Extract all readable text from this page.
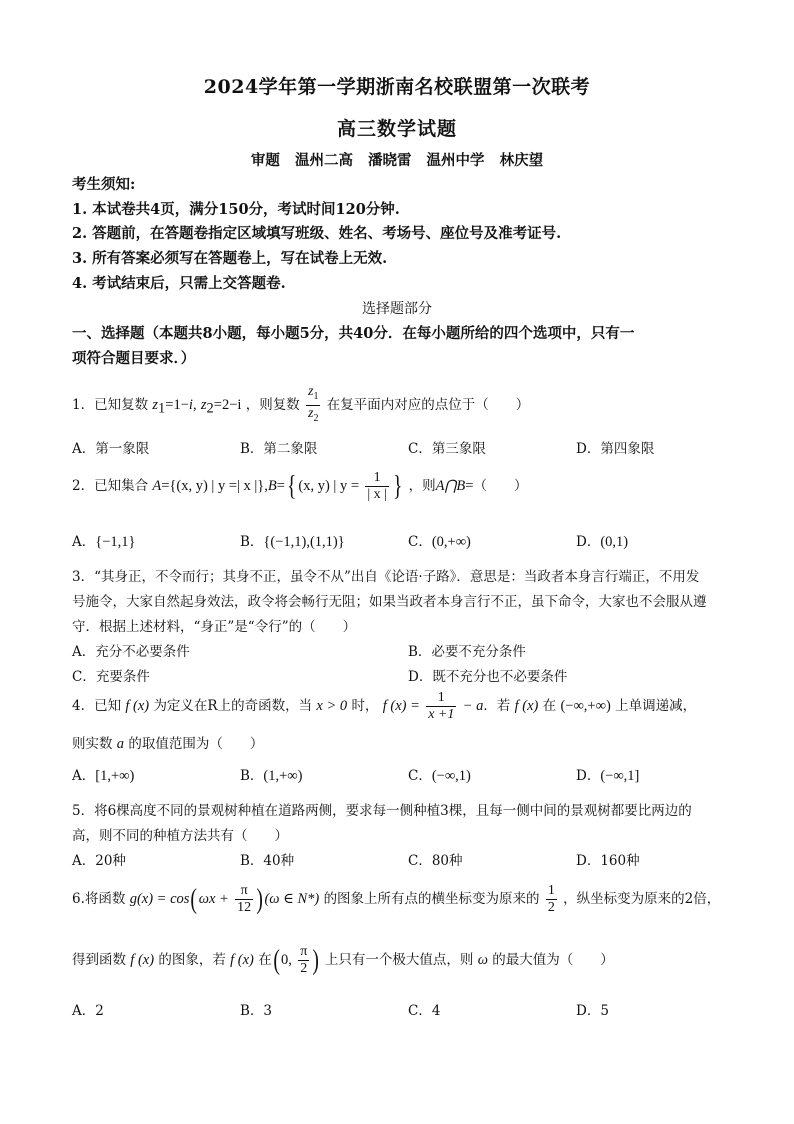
2024学年第一学期浙南名校联盟第一次联考
高三数学试题
审题 温州二高 潘晓雷 温州中学 林庆望
考生须知:
1. 本试卷共4页，满分150分，考试时间120分钟.
2. 答题前，在答题卷指定区域填写班级、姓名、考场号、座位号及准考证号.
3. 所有答案必须写在答题卷上，写在试卷上无效.
4. 考试结束后，只需上交答题卷.
选择题部分
一、选择题（本题共8小题，每小题5分，共40分．在每小题所给的四个选项中，只有一
项符合题目要求．）
1．已知复数 $z_1=1-i$, $z_2=2-i$ ，则复数 $\frac{z_1}{z_2}$ 在复平面内对应的点位于（　　）
A．第一象限	B．第二象限	C．第三象限	D．第四象限
2．已知集合 A={(x, y) | y =| x |},B={ (x, y) | $y = \frac{1}{| x |}$ } ，则A⋂B=（　　）
A．{−1,1}	B．{(−1,1),(1,1)}	C．(0,+∞)	D．(0,1)
3．“其身正，不令而行；其身不正，虽令不从”出自《论语·子路》．意思是：当政者本身言行端正，不用发
号施令，大家自然起身效法，政令将会畅行无阻；如果当政者本身言行不正，虽下命令，大家也不会服从遵
守．根据上述材料，“身正”是“令行”的（　　）
A．充分不必要条件	B．必要不充分条件
C．充要条件	D．既不充分也不必要条件
4．已知 f (x) 为定义在R上的奇函数，当 x > 0 时， f $(x) = \frac{1}{x +1} - a$．若 f (x) 在 (−∞,+∞) 上单调递减，
则实数 a 的取值范围为（　　）
A．[1,+∞)	B．(1,+∞)	C．(−∞,1)	D．(−∞,1]
5．将6棵高度不同的景观树种植在道路两侧，要求每一侧种植3棵，且每一侧中间的景观树都要比两边的
高，则不同的种植方法共有（　　）
A．20种	B．40种	C．80种	D．160种
6.将函数 $g(x) = \cos(\omega x + \frac{\pi}{12} )(\omega$ ∈ N*) 的图象上所有点的横坐标变为原来的 $\frac{1}{2}$ ，纵坐标变为原来的2倍，
得到函数 f (x) 的图象，若 f (x) 在(0, $\frac{\pi}{2}$ ) 上只有一个极大值点，则 ω 的最大值为（　　）
A．2	B．3	C．4	D．5
